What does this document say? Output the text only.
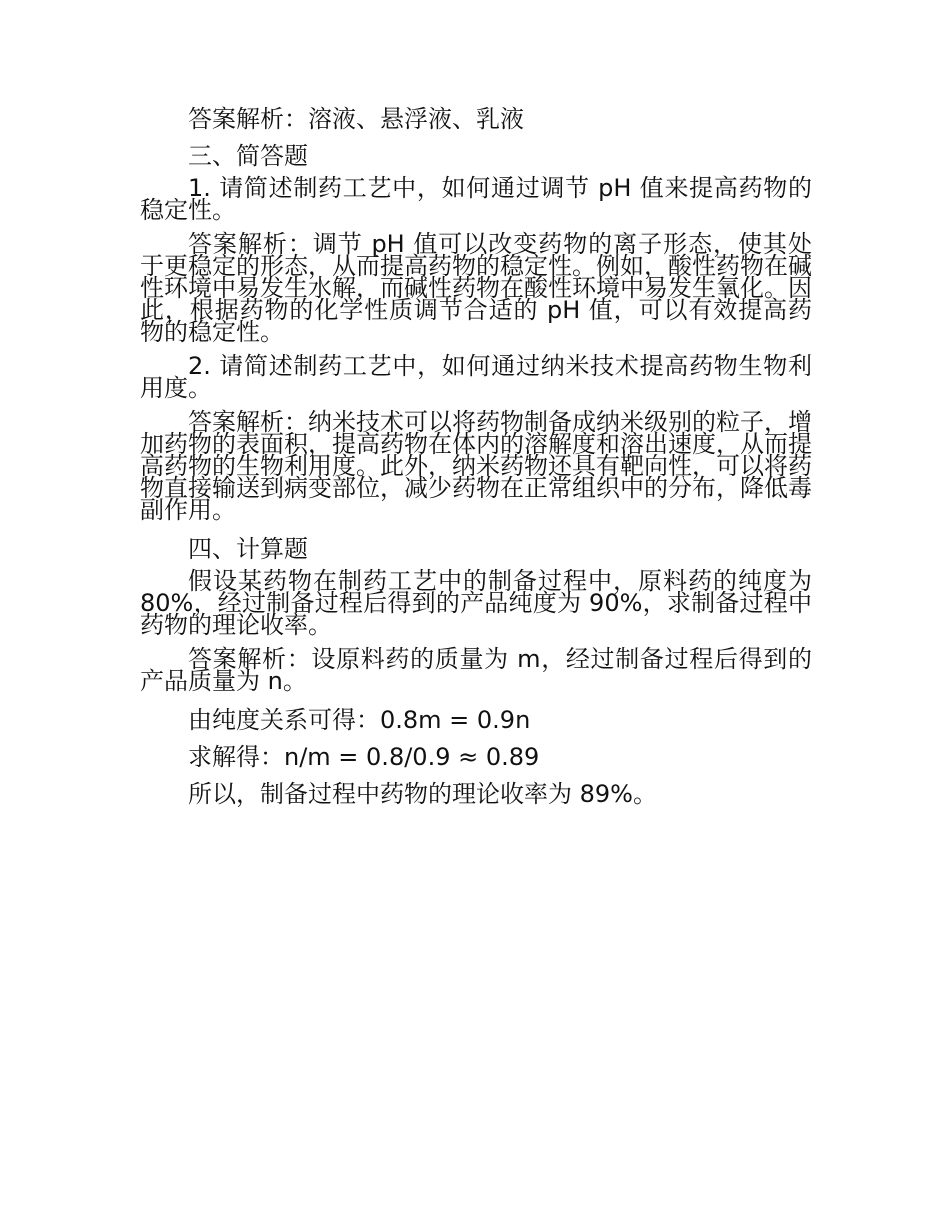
答案解析：溶液、悬浮液、乳液

三、简答题

1. 请简述制药工艺中，如何通过调节 pH 值来提高药物的稳定性。

答案解析：调节 pH 值可以改变药物的离子形态，使其处于更稳定的形态，从而提高药物的稳定性。例如，酸性药物在碱性环境中易发生水解，而碱性药物在酸性环境中易发生氧化。因此，根据药物的化学性质调节合适的 pH 值，可以有效提高药物的稳定性。

2. 请简述制药工艺中，如何通过纳米技术提高药物生物利用度。

答案解析：纳米技术可以将药物制备成纳米级别的粒子，增加药物的表面积，提高药物在体内的溶解度和溶出速度，从而提高药物的生物利用度。此外，纳米药物还具有靶向性，可以将药物直接输送到病变部位，减少药物在正常组织中的分布，降低毒副作用。

四、计算题

假设某药物在制药工艺中的制备过程中，原料药的纯度为 80%，经过制备过程后得到的产品纯度为 90%，求制备过程中药物的理论收率。

答案解析：设原料药的质量为 m，经过制备过程后得到的产品质量为 n。

由纯度关系可得：0.8m = 0.9n

求解得：n/m = 0.8/0.9 ≈ 0.89

所以，制备过程中药物的理论收率为 89%。
